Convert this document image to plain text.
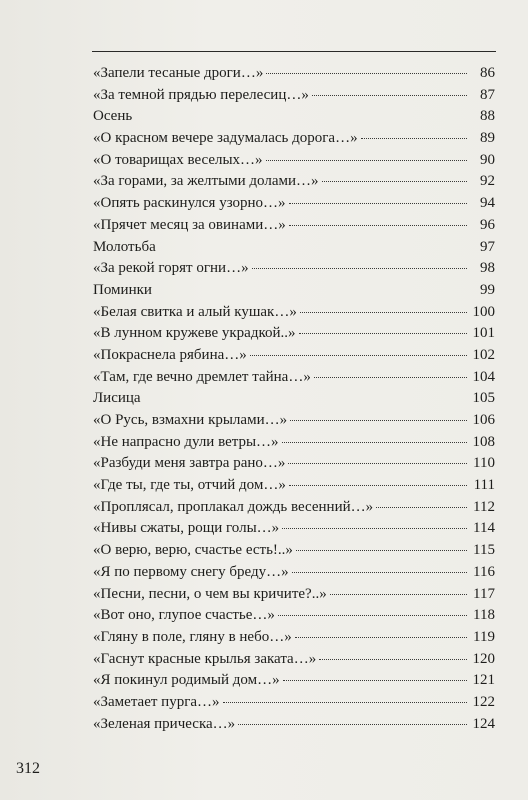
«Запели тесаные дроги…»	86
«За темной прядью перелесиц…»	87
Осень	88
«О красном вечере задумалась дорога…»	89
«О товарищах веселых…»	90
«За горами, за желтыми долами…»	92
«Опять раскинулся узорно…»	94
«Прячет месяц за овинами…»	96
Молотьба	97
«За рекой горят огни…»	98
Поминки	99
«Белая свитка и алый кушак…»	100
«В лунном кружеве украдкой..»	101
«Покраснела рябина…»	102
«Там, где вечно дремлет тайна…»	104
Лисица	105
«О Русь, взмахни крылами…»	106
«Не напрасно дули ветры…»	108
«Разбуди меня завтра рано…»	110
«Где ты, где ты, отчий дом…»	111
«Проплясал, проплакал дождь весенний…»	112
«Нивы сжаты, рощи голы…»	114
«О верю, верю, счастье есть!..»	115
«Я по первому снегу бреду…»	116
«Песни, песни, о чем вы кричите?..»	117
«Вот оно, глупое счастье…»	118
«Гляну в поле, гляну в небо…»	119
«Гаснут красные крылья заката…»	120
«Я покинул родимый дом…»	121
«Заметает пурга…»	122
«Зеленая прическа…»	124
312
